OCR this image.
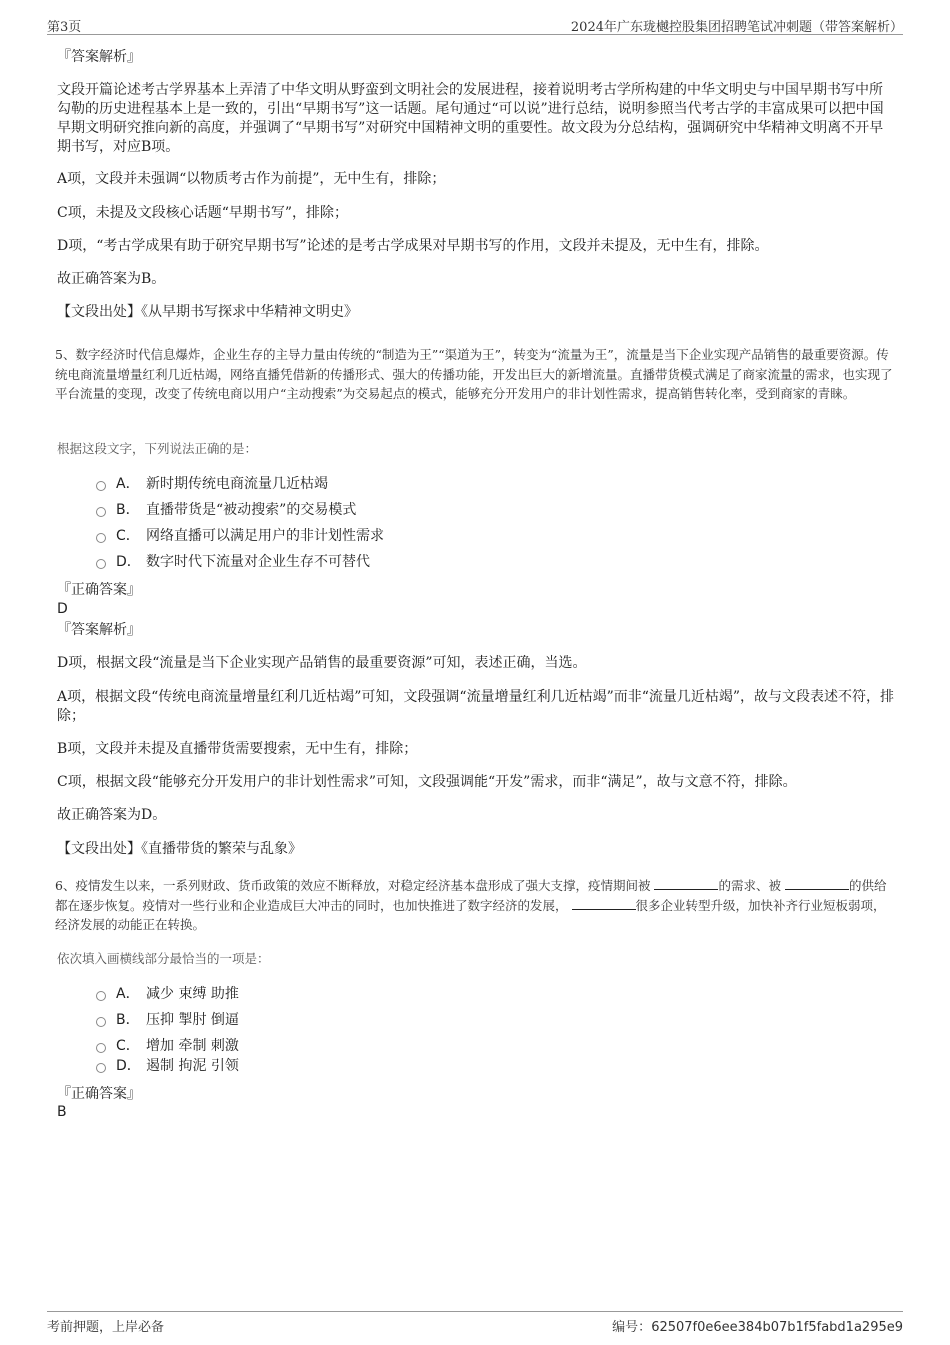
第3页	2024年广东珑樾控股集团招聘笔试冲刺题（带答案解析）
『答案解析』
文段开篇论述考古学界基本上弄清了中华文明从野蛮到文明社会的发展进程，接着说明考古学所构建的中华文明史与中国早期书写中所勾勒的历史进程基本上是一致的，引出“早期书写”这一话题。尾句通过“可以说”进行总结，说明参照当代考古学的丰富成果可以把中国早期文明研究推向新的高度，并强调了“早期书写”对研究中国精神文明的重要性。故文段为分总结构，强调研究中华精神文明离不开早期书写，对应B项。
A项，文段并未强调“以物质考古作为前提”，无中生有，排除；
C项，未提及文段核心话题“早期书写”，排除；
D项，“考古学成果有助于研究早期书写”论述的是考古学成果对早期书写的作用，文段并未提及，无中生有，排除。
故正确答案为B。
【文段出处】《从早期书写探求中华精神文明史》
5、数字经济时代信息爆炸，企业生存的主导力量由传统的“制造为王”“渠道为王”，转变为“流量为王”，流量是当下企业实现产品销售的最重要资源。传统电商流量增量红利几近枯竭，网络直播凭借新的传播形式、强大的传播功能，开发出巨大的新增流量。直播带货模式满足了商家流量的需求，也实现了平台流量的变现，改变了传统电商以用户“主动搜索”为交易起点的模式，能够充分开发用户的非计划性需求，提高销售转化率，受到商家的青睐。
根据这段文字，下列说法正确的是：
A． 新时期传统电商流量几近枯竭
B． 直播带货是“被动搜索”的交易模式
C． 网络直播可以满足用户的非计划性需求
D． 数字时代下流量对企业生存不可替代
『正确答案』
D
『答案解析』
D项，根据文段“流量是当下企业实现产品销售的最重要资源”可知，表述正确，当选。
A项，根据文段“传统电商流量增量红利几近枯竭”可知，文段强调“流量增量红利几近枯竭”而非“流量几近枯竭”，故与文段表述不符，排除；
B项，文段并未提及直播带货需要搜索，无中生有，排除；
C项，根据文段“能够充分开发用户的非计划性需求”可知，文段强调能“开发”需求，而非“满足”，故与文意不符，排除。
故正确答案为D。
【文段出处】《直播带货的繁荣与乱象》
6、疫情发生以来，一系列财政、货币政策的效应不断释放，对稳定经济基本盘形成了强大支撑，疫情期间被	的需求、被	的供给都在逐步恢复。疫情对一些行业和企业造成巨大冲击的同时，也加快推进了数字经济的发展，	很多企业转型升级，加快补齐行业短板弱项，经济发展的动能正在转换。
依次填入画横线部分最恰当的一项是：
A． 减少 束缚 助推
B． 压抑 掣肘 倒逼
C． 增加 牵制 刺激
D． 遏制 拘泥 引领
『正确答案』
B
考前押题，上岸必备	编号：62507f0e6ee384b07b1f5fabd1a295e9
